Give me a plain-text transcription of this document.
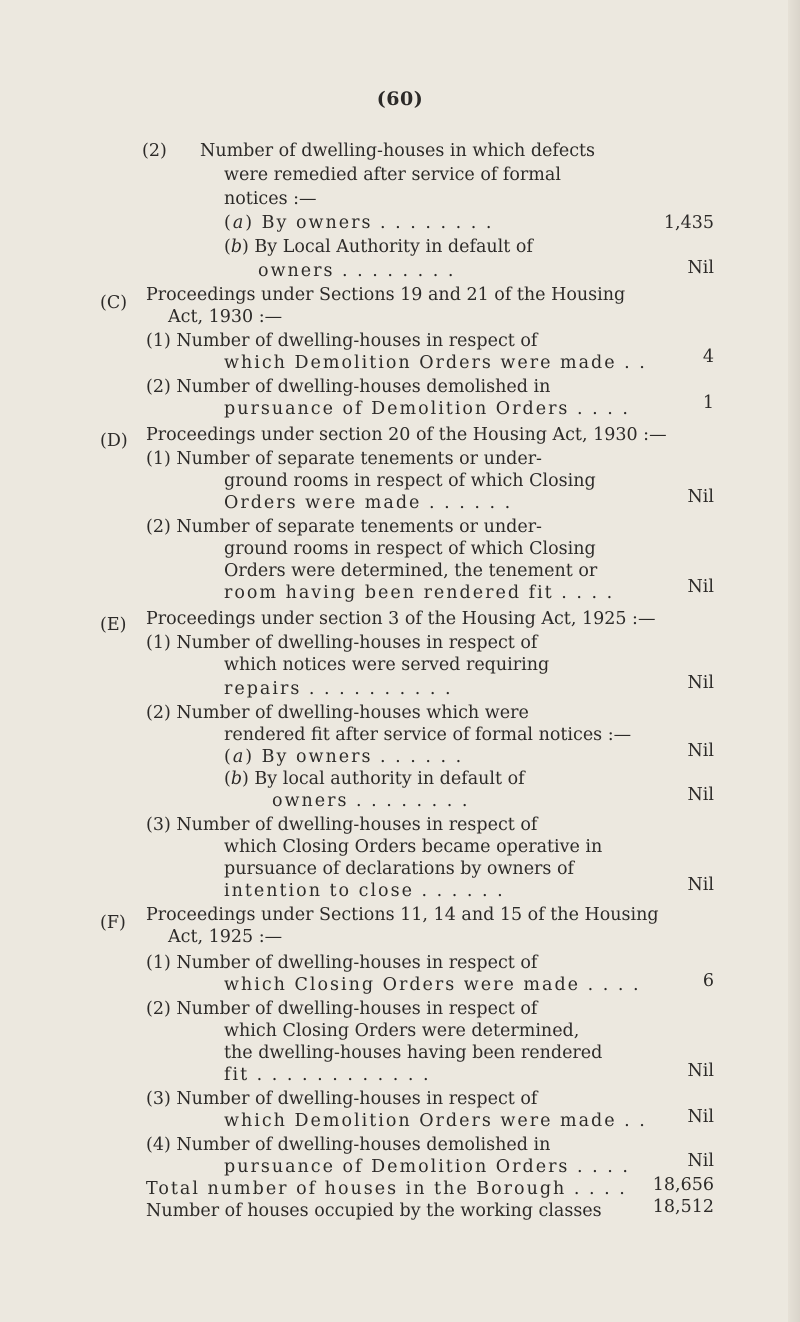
(60)
(2) Number of dwelling-houses in which defects
were remedied after service of formal
notices :—
(a) By owners . . . . . . . .	1,435
(b) By Local Authority in default of
owners . . . . . . . .	Nil
(C) Proceedings under Sections 19 and 21 of the Housing
Act, 1930 :—
(1) Number of dwelling-houses in respect of
which Demolition Orders were made . .	4
(2) Number of dwelling-houses demolished in
pursuance of Demolition Orders . . . .	1
(D) Proceedings under section 20 of the Housing Act, 1930 :—
(1) Number of separate tenements or under-
ground rooms in respect of which Closing
Orders were made . . . . . .	Nil
(2) Number of separate tenements or under-
ground rooms in respect of which Closing
Orders were determined, the tenement or
room having been rendered fit . . . .	Nil
(E) Proceedings under section 3 of the Housing Act, 1925 :—
(1) Number of dwelling-houses in respect of
which notices were served requiring
repairs . . . . . . . . . .	Nil
(2) Number of dwelling-houses which were
rendered fit after service of formal notices :—
(a) By owners . . . . . .	Nil
(b) By local authority in default of
owners . . . . . . . .	Nil
(3) Number of dwelling-houses in respect of
which Closing Orders became operative in
pursuance of declarations by owners of
intention to close . . . . . .	Nil
(F) Proceedings under Sections 11, 14 and 15 of the Housing
Act, 1925 :—
(1) Number of dwelling-houses in respect of
which Closing Orders were made . . . .	6
(2) Number of dwelling-houses in respect of
which Closing Orders were determined,
the dwelling-houses having been rendered
fit . . . . . . . . . . . .	Nil
(3) Number of dwelling-houses in respect of
which Demolition Orders were made . . Nil
(4) Number of dwelling-houses demolished in
pursuance of Demolition Orders . . . .	Nil
Total number of houses in the Borough . . . . 18,656
Number of houses occupied by the working classes	18,512
